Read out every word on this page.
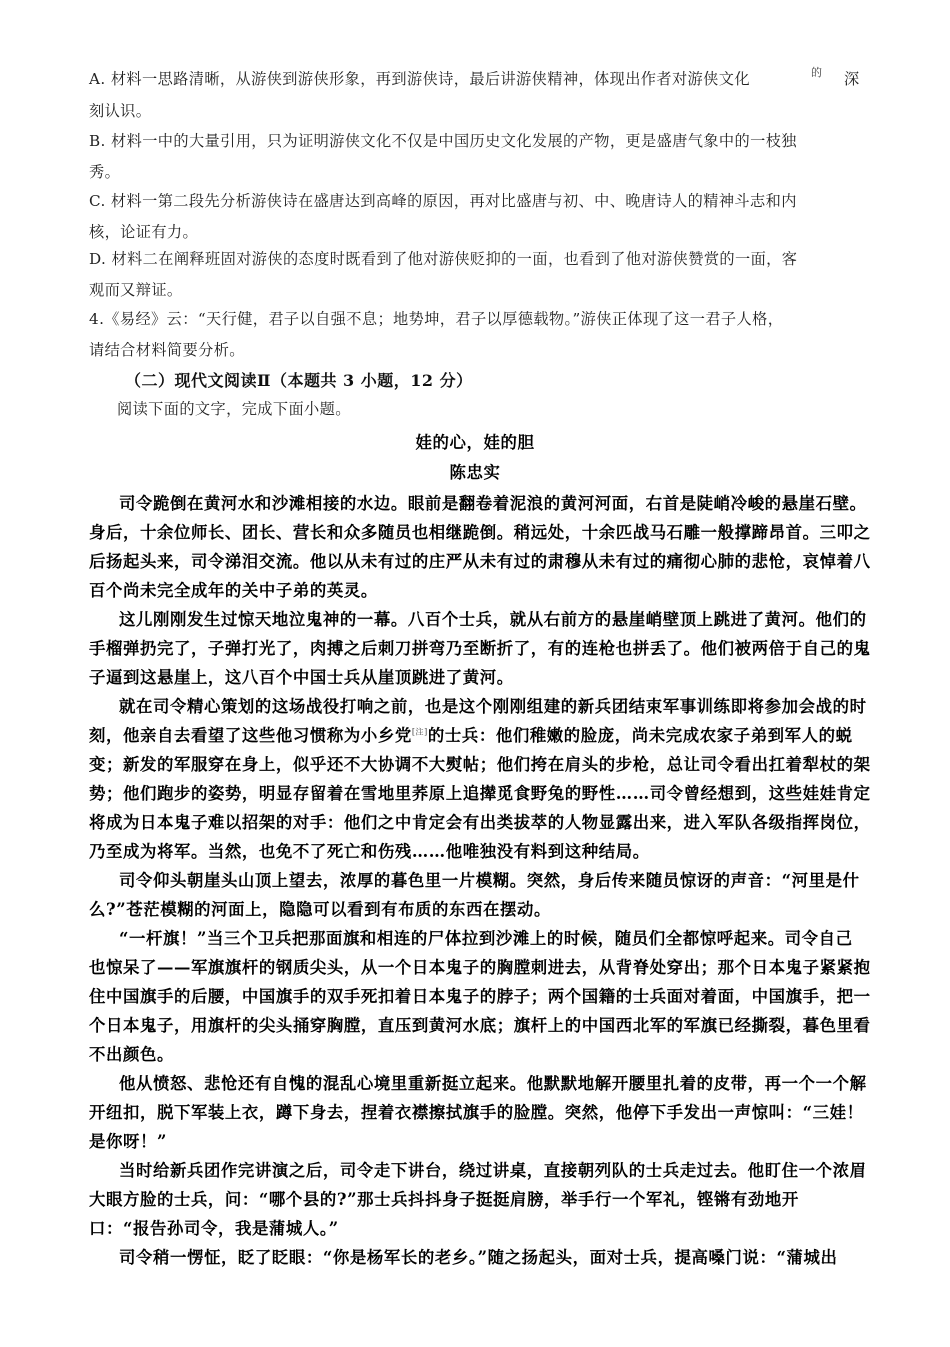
A. 材料一思路清晰，从游侠到游侠形象，再到游侠诗，最后讲游侠精神，体现出作者对游侠文化	的 深
刻认识。
B. 材料一中的大量引用，只为证明游侠文化不仅是中国历史文化发展的产物，更是盛唐气象中的一枝独
秀。
C. 材料一第二段先分析游侠诗在盛唐达到高峰的原因，再对比盛唐与初、中、晚唐诗人的精神斗志和内
核，论证有力。
D. 材料二在阐释班固对游侠的态度时既看到了他对游侠贬抑的一面，也看到了他对游侠赞赏的一面，客
观而又辩证。
4.《易经》云：“天行健，君子以自强不息；地势坤，君子以厚德载物。”游侠正体现了这一君子人格，
请结合材料简要分析。
（二）现代文阅读Ⅱ（本题共 3 小题，12 分）
阅读下面的文字，完成下面小题。
娃的心，娃的胆
陈忠实
司令跪倒在黄河水和沙滩相接的水边。眼前是翻卷着泥浪的黄河河面，右首是陡峭冷峻的悬崖石壁。
身后，十余位师长、团长、营长和众多随员也相继跪倒。稍远处，十余匹战马石雕一般撑蹄昂首。三叩之
后扬起头来，司令涕泪交流。他以从未有过的庄严从未有过的肃穆从未有过的痛彻心肺的悲怆，哀悼着八
百个尚未完全成年的关中子弟的英灵。
这儿刚刚发生过惊天地泣鬼神的一幕。八百个士兵，就从右前方的悬崖峭壁顶上跳进了黄河。他们的
手榴弹扔完了，子弹打光了，肉搏之后刺刀拼弯乃至断折了，有的连枪也拼丢了。他们被两倍于自己的鬼
子逼到这悬崖上，这八百个中国士兵从崖顶跳进了黄河。
就在司令精心策划的这场战役打响之前，也是这个刚刚组建的新兵团结束军事训练即将参加会战的时
刻，他亲自去看望了这些他习惯称为小乡党[注]的士兵：他们稚嫩的脸庞，尚未完成农家子弟到军人的蜕
变；新发的军服穿在身上，似乎还不大协调不大熨帖；他们挎在肩头的步枪，总让司令看出扛着犁杖的架
势；他们跑步的姿势，明显存留着在雪地里荞原上追撵觅食野兔的野性……司令曾经想到，这些娃娃肯定
将成为日本鬼子难以招架的对手：他们之中肯定会有出类拔萃的人物显露出来，进入军队各级指挥岗位，
乃至成为将军。当然，也免不了死亡和伤残……他唯独没有料到这种结局。
司令仰头朝崖头山顶上望去，浓厚的暮色里一片模糊。突然，身后传来随员惊讶的声音：“河里是什
么?”苍茫模糊的河面上，隐隐可以看到有布质的东西在摆动。
“一杆旗！”当三个卫兵把那面旗和相连的尸体拉到沙滩上的时候，随员们全都惊呼起来。司令自己
也惊呆了——军旗旗杆的钢质尖头，从一个日本鬼子的胸膛刺进去，从背脊处穿出；那个日本鬼子紧紧抱
住中国旗手的后腰，中国旗手的双手死扣着日本鬼子的脖子；两个国籍的士兵面对着面，中国旗手，把一
个日本鬼子，用旗杆的尖头捅穿胸膛，直压到黄河水底；旗杆上的中国西北军的军旗已经撕裂，暮色里看
不出颜色。
他从愤怒、悲怆还有自愧的混乱心境里重新挺立起来。他默默地解开腰里扎着的皮带，再一个一个解
开纽扣，脱下军装上衣，蹲下身去，捏着衣襟擦拭旗手的脸膛。突然，他停下手发出一声惊叫：“三娃！
是你呀！”
当时给新兵团作完讲演之后，司令走下讲台，绕过讲桌，直接朝列队的士兵走过去。他盯住一个浓眉
大眼方脸的士兵，问：“哪个县的?”那士兵抖抖身子挺挺肩膀，举手行一个军礼，铿锵有劲地开
口：“报告孙司令，我是蒲城人。”
司令稍一愣怔，眨了眨眼：“你是杨军长的老乡。”随之扬起头，面对士兵，提高嗓门说：“蒲城出
